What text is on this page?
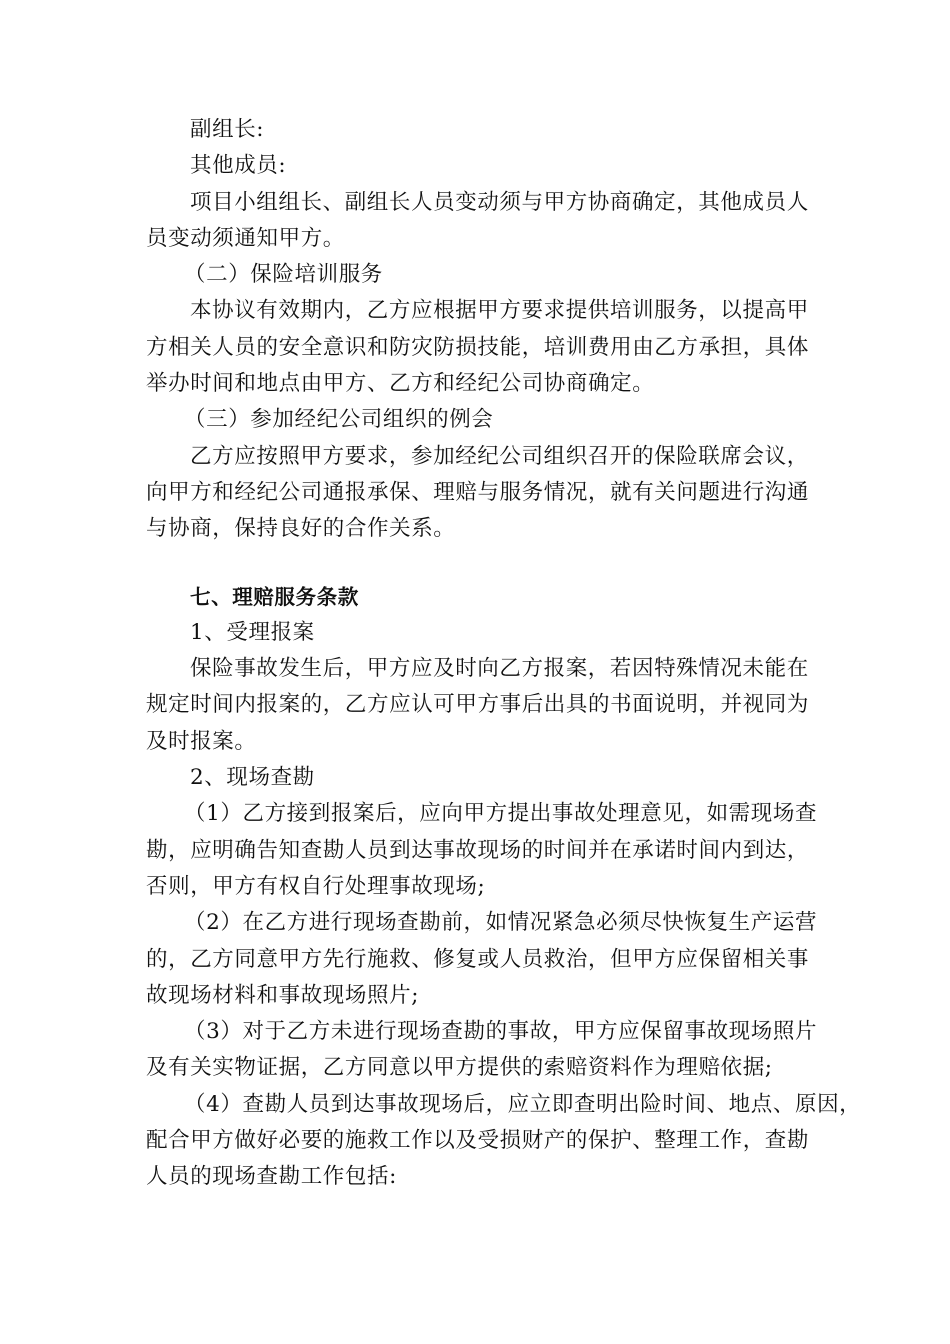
副组长:
其他成员:
项目小组组长、副组长人员变动须与甲方协商确定，其他成员人
员变动须通知甲方。
（二）保险培训服务
本协议有效期内，乙方应根据甲方要求提供培训服务，以提高甲
方相关人员的安全意识和防灾防损技能，培训费用由乙方承担，具体
举办时间和地点由甲方、乙方和经纪公司协商确定。
（三）参加经纪公司组织的例会
乙方应按照甲方要求，参加经纪公司组织召开的保险联席会议，
向甲方和经纪公司通报承保、理赔与服务情况，就有关问题进行沟通
与协商，保持良好的合作关系。
七、理赔服务条款
1、受理报案
保险事故发生后，甲方应及时向乙方报案，若因特殊情况未能在
规定时间内报案的，乙方应认可甲方事后出具的书面说明，并视同为
及时报案。
2、现场查勘
（1）乙方接到报案后，应向甲方提出事故处理意见，如需现场查
勘，应明确告知查勘人员到达事故现场的时间并在承诺时间内到达，
否则，甲方有权自行处理事故现场;
（2）在乙方进行现场查勘前，如情况紧急必须尽快恢复生产运营
的，乙方同意甲方先行施救、修复或人员救治，但甲方应保留相关事
故现场材料和事故现场照片;
（3）对于乙方未进行现场查勘的事故，甲方应保留事故现场照片
及有关实物证据，乙方同意以甲方提供的索赔资料作为理赔依据;
（4）查勘人员到达事故现场后，应立即查明出险时间、地点、原因，
配合甲方做好必要的施救工作以及受损财产的保护、整理工作，查勘
人员的现场查勘工作包括:
